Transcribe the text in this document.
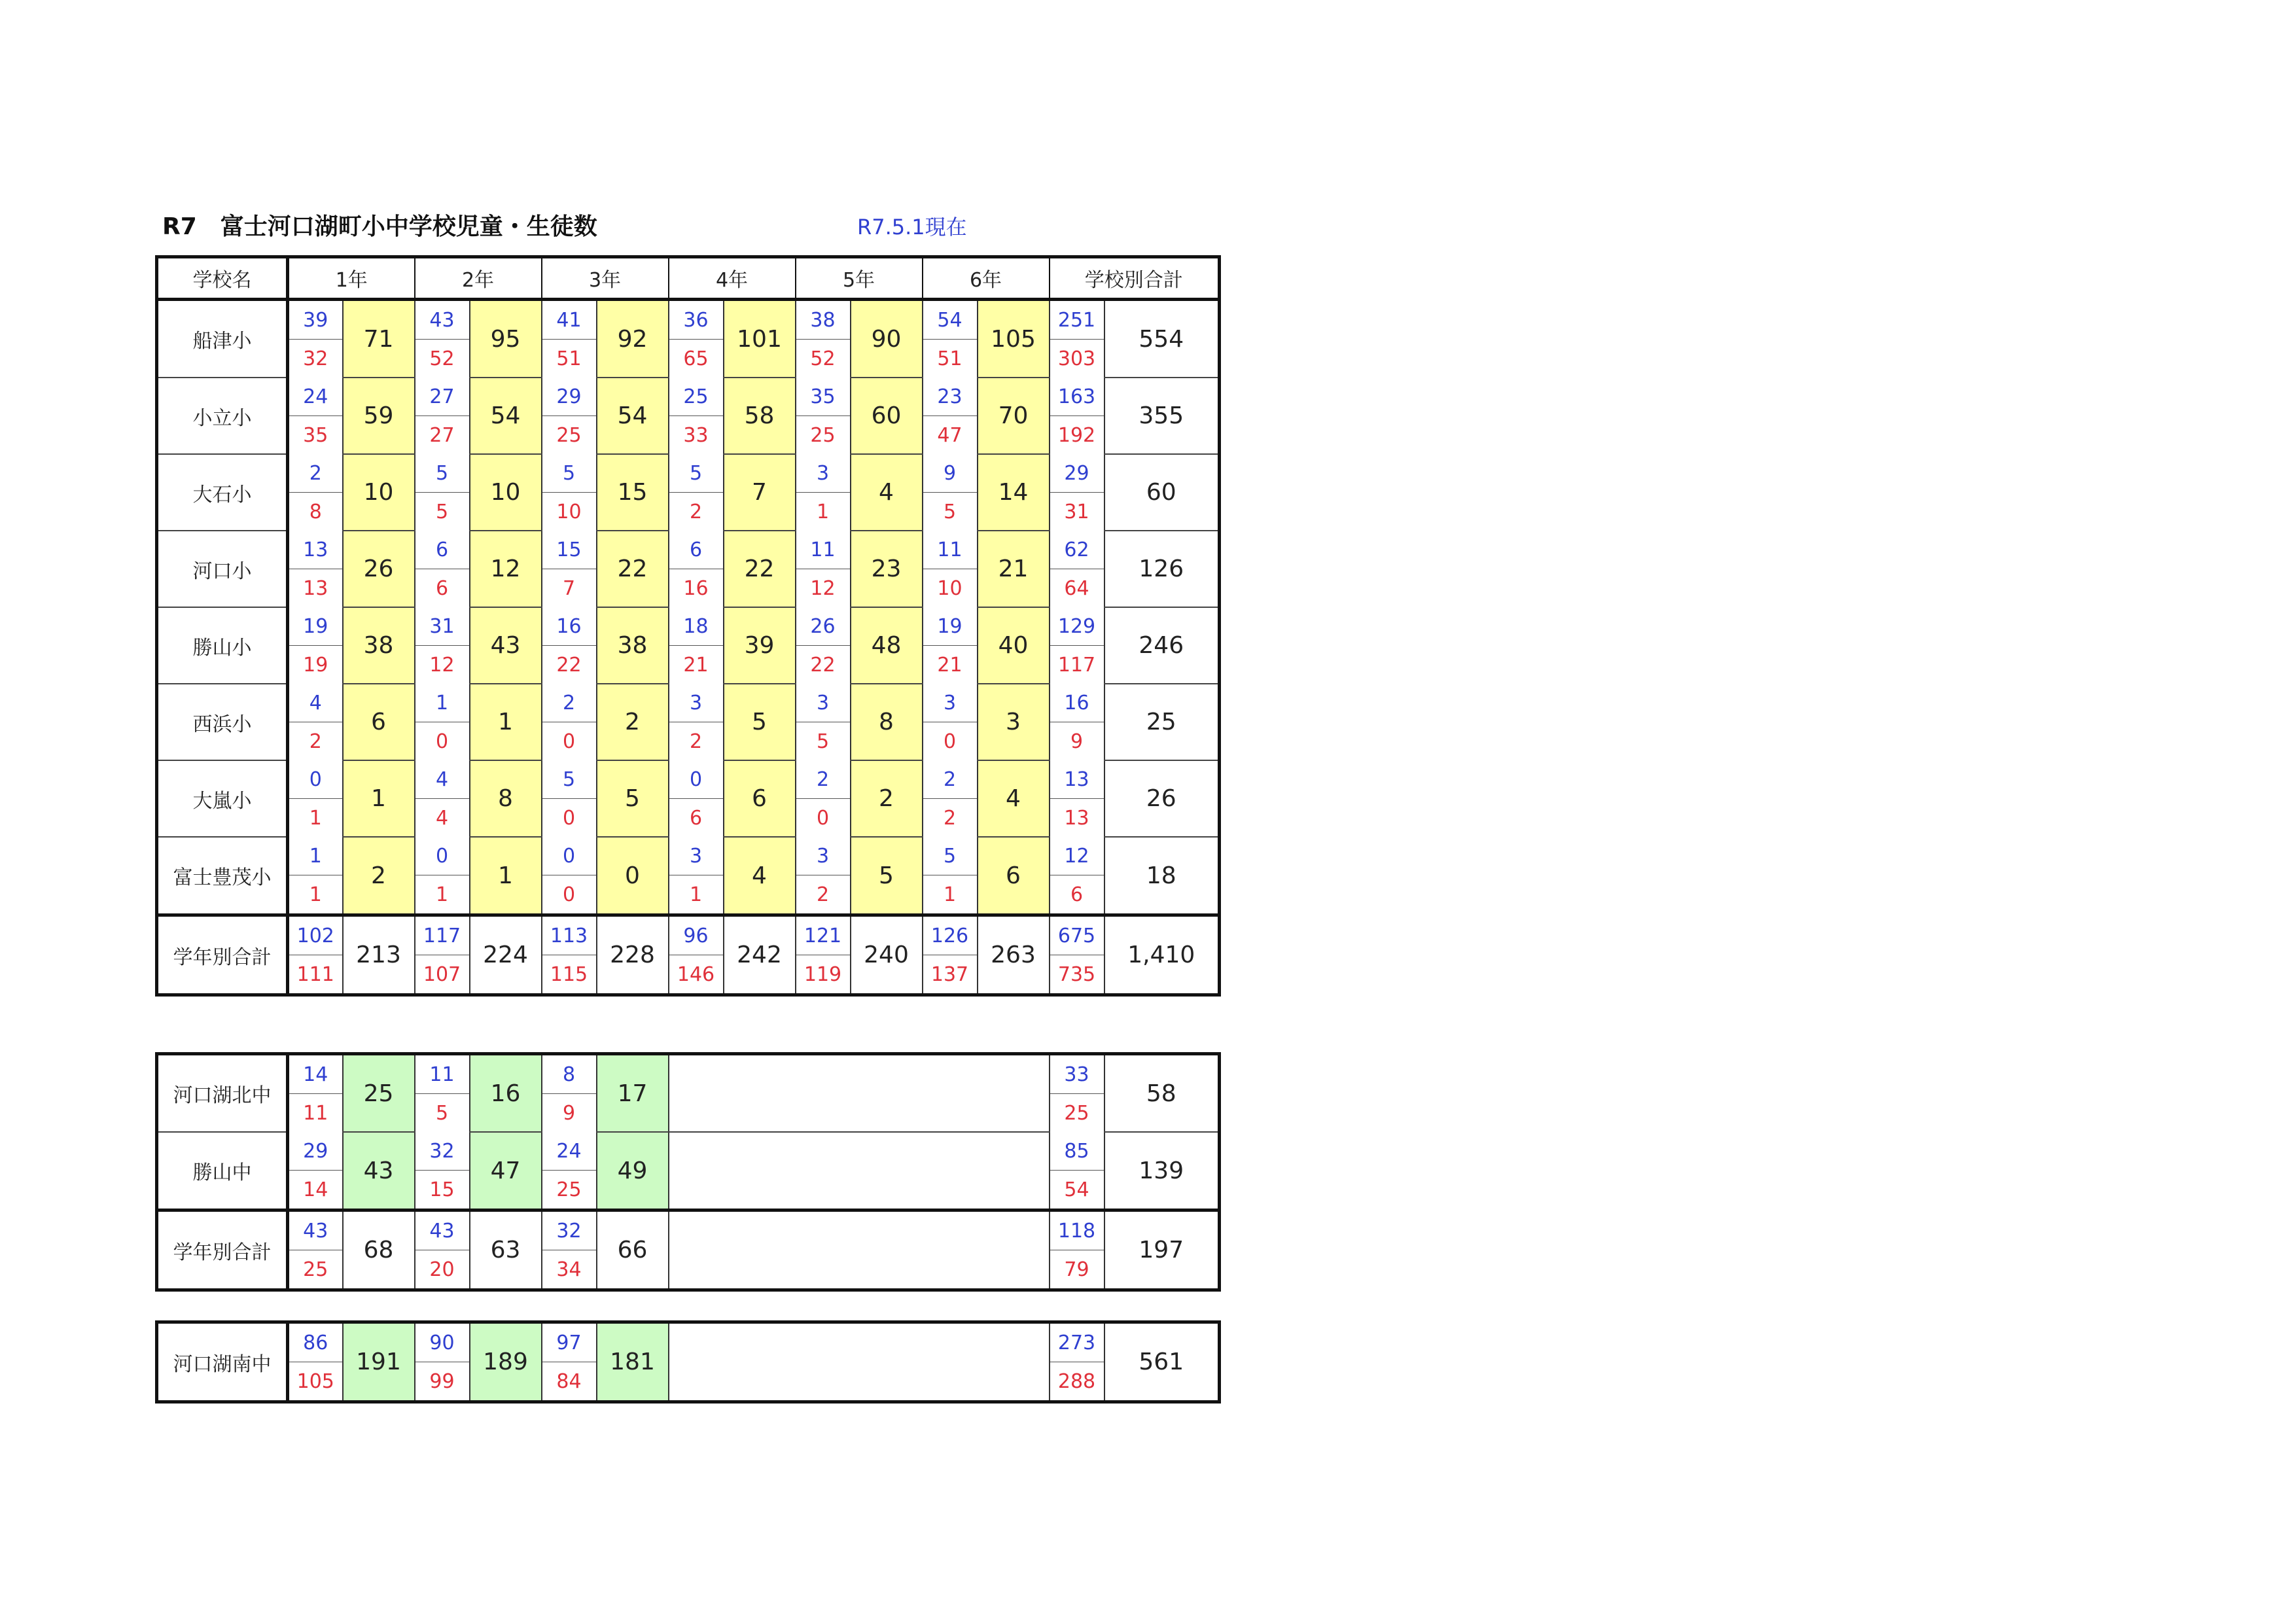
R7　富士河口湖町小中学校児童・生徒数	R7.5.1現在
学校名	1年		2年		3年		4年		5年		6年		学校別合計	
船津小	39	71	43	95	41	92	36	101	38	90	54	105	251	554
	32		52		51		65		52		51		303	
小立小	24	59	27	54	29	54	25	58	35	60	23	70	163	355
	35		27		25		33		25		47		192	
大石小	2	10	5	10	5	15	5	7	3	4	9	14	29	60
	8		5		10		2		1		5		31	
河口小	13	26	6	12	15	22	6	22	11	23	11	21	62	126
	13		6		7		16		12		10		64	
勝山小	19	38	31	43	16	38	18	39	26	48	19	40	129	246
	19		12		22		21		22		21		117	
西浜小	4	6	1	1	2	2	3	5	3	8	3	3	16	25
	2		0		0		2		5		0		9	
大嵐小	0	1	4	8	5	5	0	6	2	2	2	4	13	26
	1		4		0		6		0		2		13	
富士豊茂小	1	2	0	1	0	0	3	4	3	5	5	6	12	18
	1		1		0		1		2		1		6	
学年別合計	102	213	117	224	113	228	96	242	121	240	126	263	675	1,410
	111		107		115		146		119		137		735	
河口湖北中	14	25	11	16	8	17		33	58
	11		5		9			25	
勝山中	29	43	32	47	24	49		85	139
	14		15		25			54	
学年別合計	43	68	43	63	32	66		118	197
	25		20		34			79	
河口湖南中	86	191	90	189	97	181		273	561
	105		99		84			288	
